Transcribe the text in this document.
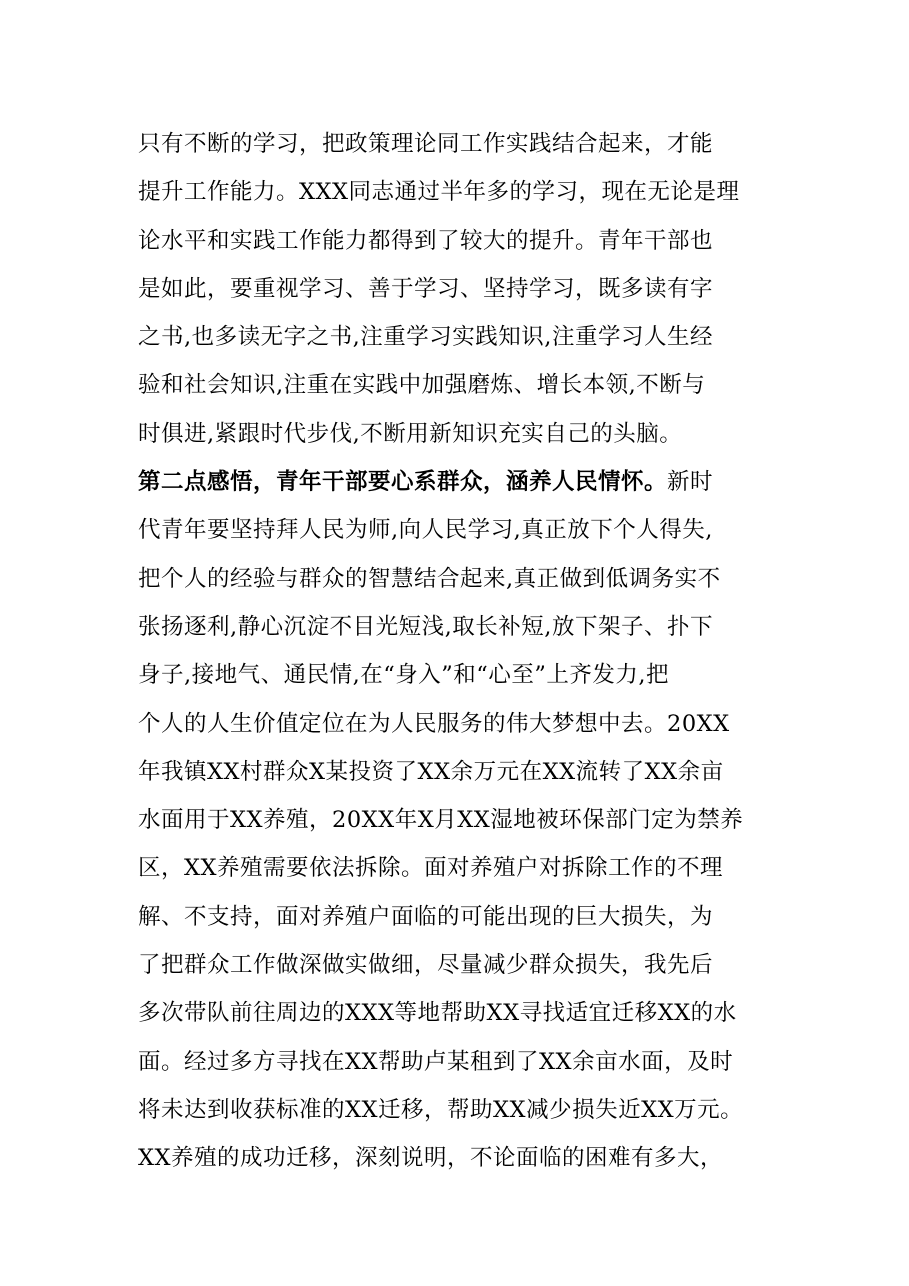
只有不断的学习，把政策理论同工作实践结合起来，才能
提升工作能力。XXX同志通过半年多的学习，现在无论是理
论水平和实践工作能力都得到了较大的提升。青年干部也
是如此，要重视学习、善于学习、坚持学习，既多读有字
之书,也多读无字之书,注重学习实践知识,注重学习人生经
验和社会知识,注重在实践中加强磨炼、增长本领,不断与
时俱进,紧跟时代步伐,不断用新知识充实自己的头脑。
第二点感悟，青年干部要心系群众，涵养人民情怀。新时
代青年要坚持拜人民为师,向人民学习,真正放下个人得失,
把个人的经验与群众的智慧结合起来,真正做到低调务实不
张扬逐利,静心沉淀不目光短浅,取长补短,放下架子、扑下
身子,接地气、通民情,在“身入”和“心至”上齐发力,把
个人的人生价值定位在为人民服务的伟大梦想中去。20XX
年我镇XX村群众X某投资了XX余万元在XX流转了XX余亩
水面用于XX养殖，20XX年X月XX湿地被环保部门定为禁养
区，XX养殖需要依法拆除。面对养殖户对拆除工作的不理
解、不支持，面对养殖户面临的可能出现的巨大损失，为
了把群众工作做深做实做细，尽量减少群众损失，我先后
多次带队前往周边的XXX等地帮助XX寻找适宜迁移XX的水
面。经过多方寻找在XX帮助卢某租到了XX余亩水面，及时
将未达到收获标准的XX迁移，帮助XX减少损失近XX万元。
XX养殖的成功迁移，深刻说明，不论面临的困难有多大，
